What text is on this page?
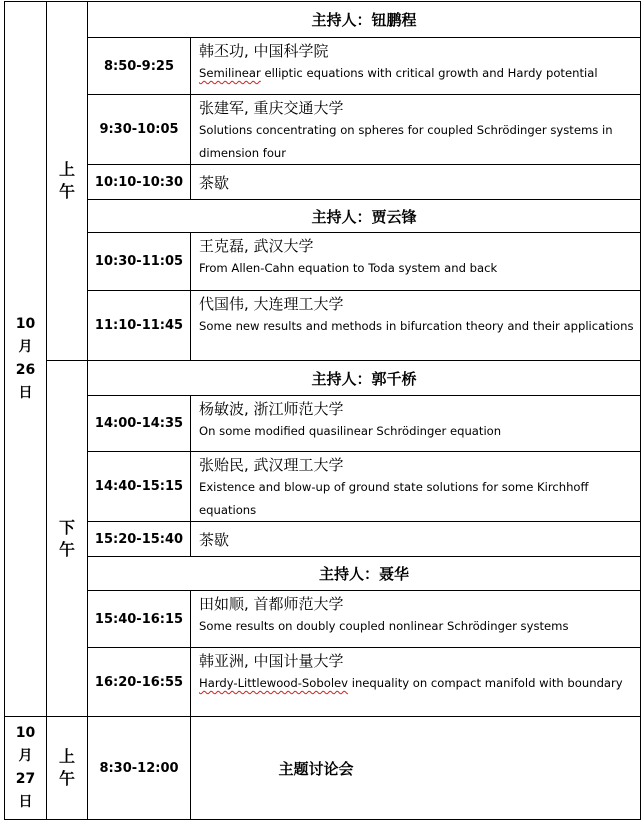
10
月
26
日
10
月
27
日
上
午
下
午
上
午
主持人：钮鹏程
主持人：贾云锋
主持人：郭千桥
主持人：聂华
8:50-9:25
韩丕功, 中国科学院
Semilinear elliptic equations with critical growth and Hardy potential
9:30-10:05
张建军, 重庆交通大学
Solutions concentrating on spheres for coupled Schrödinger systems in dimension four
10:10-10:30 茶歇
10:30-11:05
王克磊, 武汉大学
From Allen-Cahn equation to Toda system and back
11:10-11:45
代国伟, 大连理工大学
Some new results and methods in bifurcation theory and their applications
14:00-14:35
杨敏波, 浙江师范大学
On some modified quasilinear Schrödinger equation
14:40-15:15
张贻民, 武汉理工大学
Existence and blow-up of ground state solutions for some Kirchhoff equations
15:20-15:40 茶歇
15:40-16:15
田如顺, 首都师范大学
Some results on doubly coupled nonlinear Schrödinger systems
16:20-16:55
韩亚洲, 中国计量大学
Hardy-Littlewood-Sobolev inequality on compact manifold with boundary
8:30-12:00	主题讨论会
